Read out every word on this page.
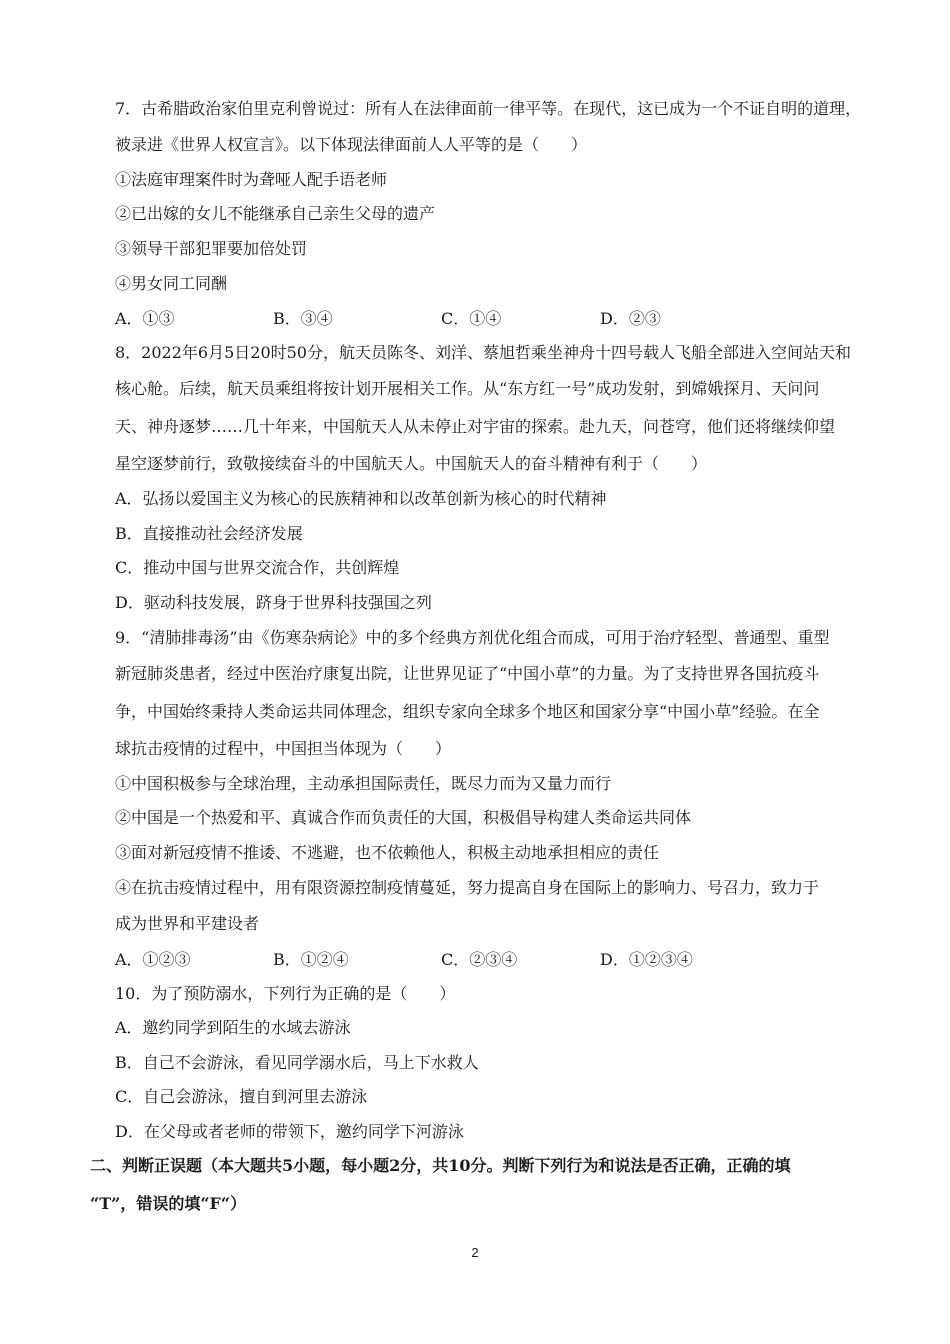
7．古希腊政治家伯里克利曾说过：所有人在法律面前一律平等。在现代，这已成为一个不证自明的道理，
被录进《世界人权宣言》。以下体现法律面前人人平等的是（　　）
①法庭审理案件时为聋哑人配手语老师
②已出嫁的女儿不能继承自己亲生父母的遗产
③领导干部犯罪要加倍处罚
④男女同工同酬
A．①③	B．③④	C．①④	D．②③
8．2022年6月5日20时50分，航天员陈冬、刘洋、蔡旭哲乘坐神舟十四号载人飞船全部进入空间站天和
核心舱。后续，航天员乘组将按计划开展相关工作。从“东方红一号”成功发射，到嫦娥探月、天问问
天、神舟逐梦……几十年来，中国航天人从未停止对宇宙的探索。赴九天，问苍穹，他们还将继续仰望
星空逐梦前行，致敬接续奋斗的中国航天人。中国航天人的奋斗精神有利于（　　）
A．弘扬以爱国主义为核心的民族精神和以改革创新为核心的时代精神
B．直接推动社会经济发展
C．推动中国与世界交流合作，共创辉煌
D．驱动科技发展，跻身于世界科技强国之列
9．“清肺排毒汤”由《伤寒杂病论》中的多个经典方剂优化组合而成，可用于治疗轻型、普通型、重型
新冠肺炎患者，经过中医治疗康复出院，让世界见证了“中国小草”的力量。为了支持世界各国抗疫斗
争，中国始终秉持人类命运共同体理念，组织专家向全球多个地区和国家分享“中国小草”经验。在全
球抗击疫情的过程中，中国担当体现为（　　）
①中国积极参与全球治理，主动承担国际责任，既尽力而为又量力而行
②中国是一个热爱和平、真诚合作而负责任的大国，积极倡导构建人类命运共同体
③面对新冠疫情不推诿、不逃避，也不依赖他人，积极主动地承担相应的责任
④在抗击疫情过程中，用有限资源控制疫情蔓延，努力提高自身在国际上的影响力、号召力，致力于
成为世界和平建设者
A．①②③	B．①②④	C．②③④	D．①②③④
10．为了预防溺水，下列行为正确的是（　　）
A．邀约同学到陌生的水域去游泳
B．自己不会游泳，看见同学溺水后，马上下水救人
C．自己会游泳，擅自到河里去游泳
D．在父母或者老师的带领下，邀约同学下河游泳
二、判断正误题（本大题共5小题，每小题2分，共10分。判断下列行为和说法是否正确，正确的填
“T”，错误的填“F“）
2
